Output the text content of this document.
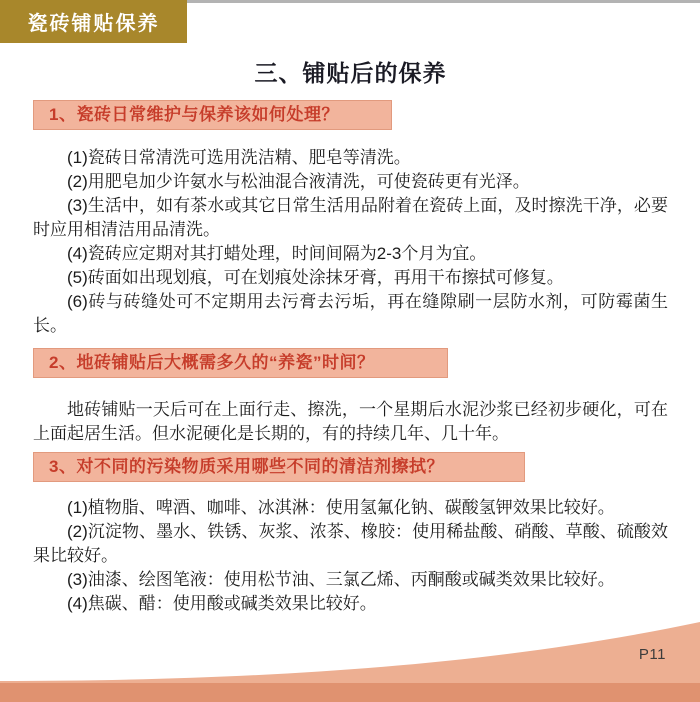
瓷砖铺贴保养
三、铺贴后的保养
1、瓷砖日常维护与保养该如何处理？

(1)瓷砖日常清洗可选用洗洁精、肥皂等清洗。

(2)用肥皂加少许氨水与松油混合液清洗，可使瓷砖更有光泽。

(3)生活中，如有茶水或其它日常生活用品附着在瓷砖上面，及时擦洗干净，必要时应用相清洁用品清洗。

(4)瓷砖应定期对其打蜡处理，时间间隔为2-3个月为宜。

(5)砖面如出现划痕，可在划痕处涂抹牙膏，再用干布擦拭可修复。

(6)砖与砖缝处可不定期用去污膏去污垢，再在缝隙刷一层防水剂，可防霉菌生长。

2、地砖铺贴后大概需多久的“养瓷”时间？

地砖铺贴一天后可在上面行走、擦洗，一个星期后水泥沙浆已经初步硬化，可在上面起居生活。但水泥硬化是长期的，有的持续几年、几十年。

3、对不同的污染物质采用哪些不同的清洁剂擦拭？

(1)植物脂、啤酒、咖啡、冰淇淋：使用氢氟化钠、碳酸氢钾效果比较好。

(2)沉淀物、墨水、铁锈、灰浆、浓茶、橡胶：使用稀盐酸、硝酸、草酸、硫酸效果比较好。

(3)油漆、绘图笔液：使用松节油、三氯乙烯、丙酮酸或碱类效果比较好。

(4)焦碳、醋：使用酸或碱类效果比较好。

P11
